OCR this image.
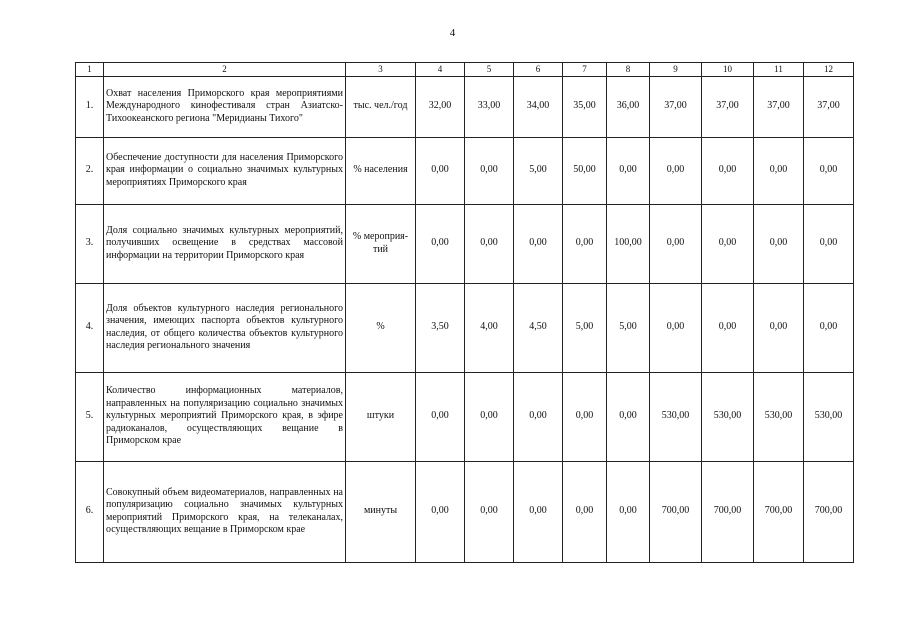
4
1	2	3	4	5	6	7	8	9	10	11	12
1.	Охват населения Приморского края мероприятиями Международного кинофестиваля стран Азиатско-Тихоокеанского региона "Меридианы Тихого"	тыс. чел./год	32,00	33,00	34,00	35,00	36,00	37,00	37,00	37,00	37,00
2.	Обеспечение доступности для населения Приморского края информации о социально значимых культурных мероприятиях Приморского края	% населения	0,00	0,00	5,00	50,00	0,00	0,00	0,00	0,00	0,00
3.	Доля социально значимых культурных мероприятий, получивших освещение в средствах массовой информации на территории Приморского края	% мероприя-тий	0,00	0,00	0,00	0,00	100,00	0,00	0,00	0,00	0,00
4.	Доля объектов культурного наследия регионального значения, имеющих паспорта объектов культурного наследия, от общего количества объектов культурного наследия регионального значения	%	3,50	4,00	4,50	5,00	5,00	0,00	0,00	0,00	0,00
5.	Количество информационных материалов, направленных на популяризацию социально значимых культурных мероприятий Приморского края, в эфире радиоканалов, осуществляющих вещание в Приморском крае	штуки	0,00	0,00	0,00	0,00	0,00	530,00	530,00	530,00	530,00
6.	Совокупный объем видеоматериалов, направленных на популяризацию социально значимых культурных мероприятий Приморского края, на телеканалах, осуществляющих вещание в Приморском крае	минуты	0,00	0,00	0,00	0,00	0,00	700,00	700,00	700,00	700,00
